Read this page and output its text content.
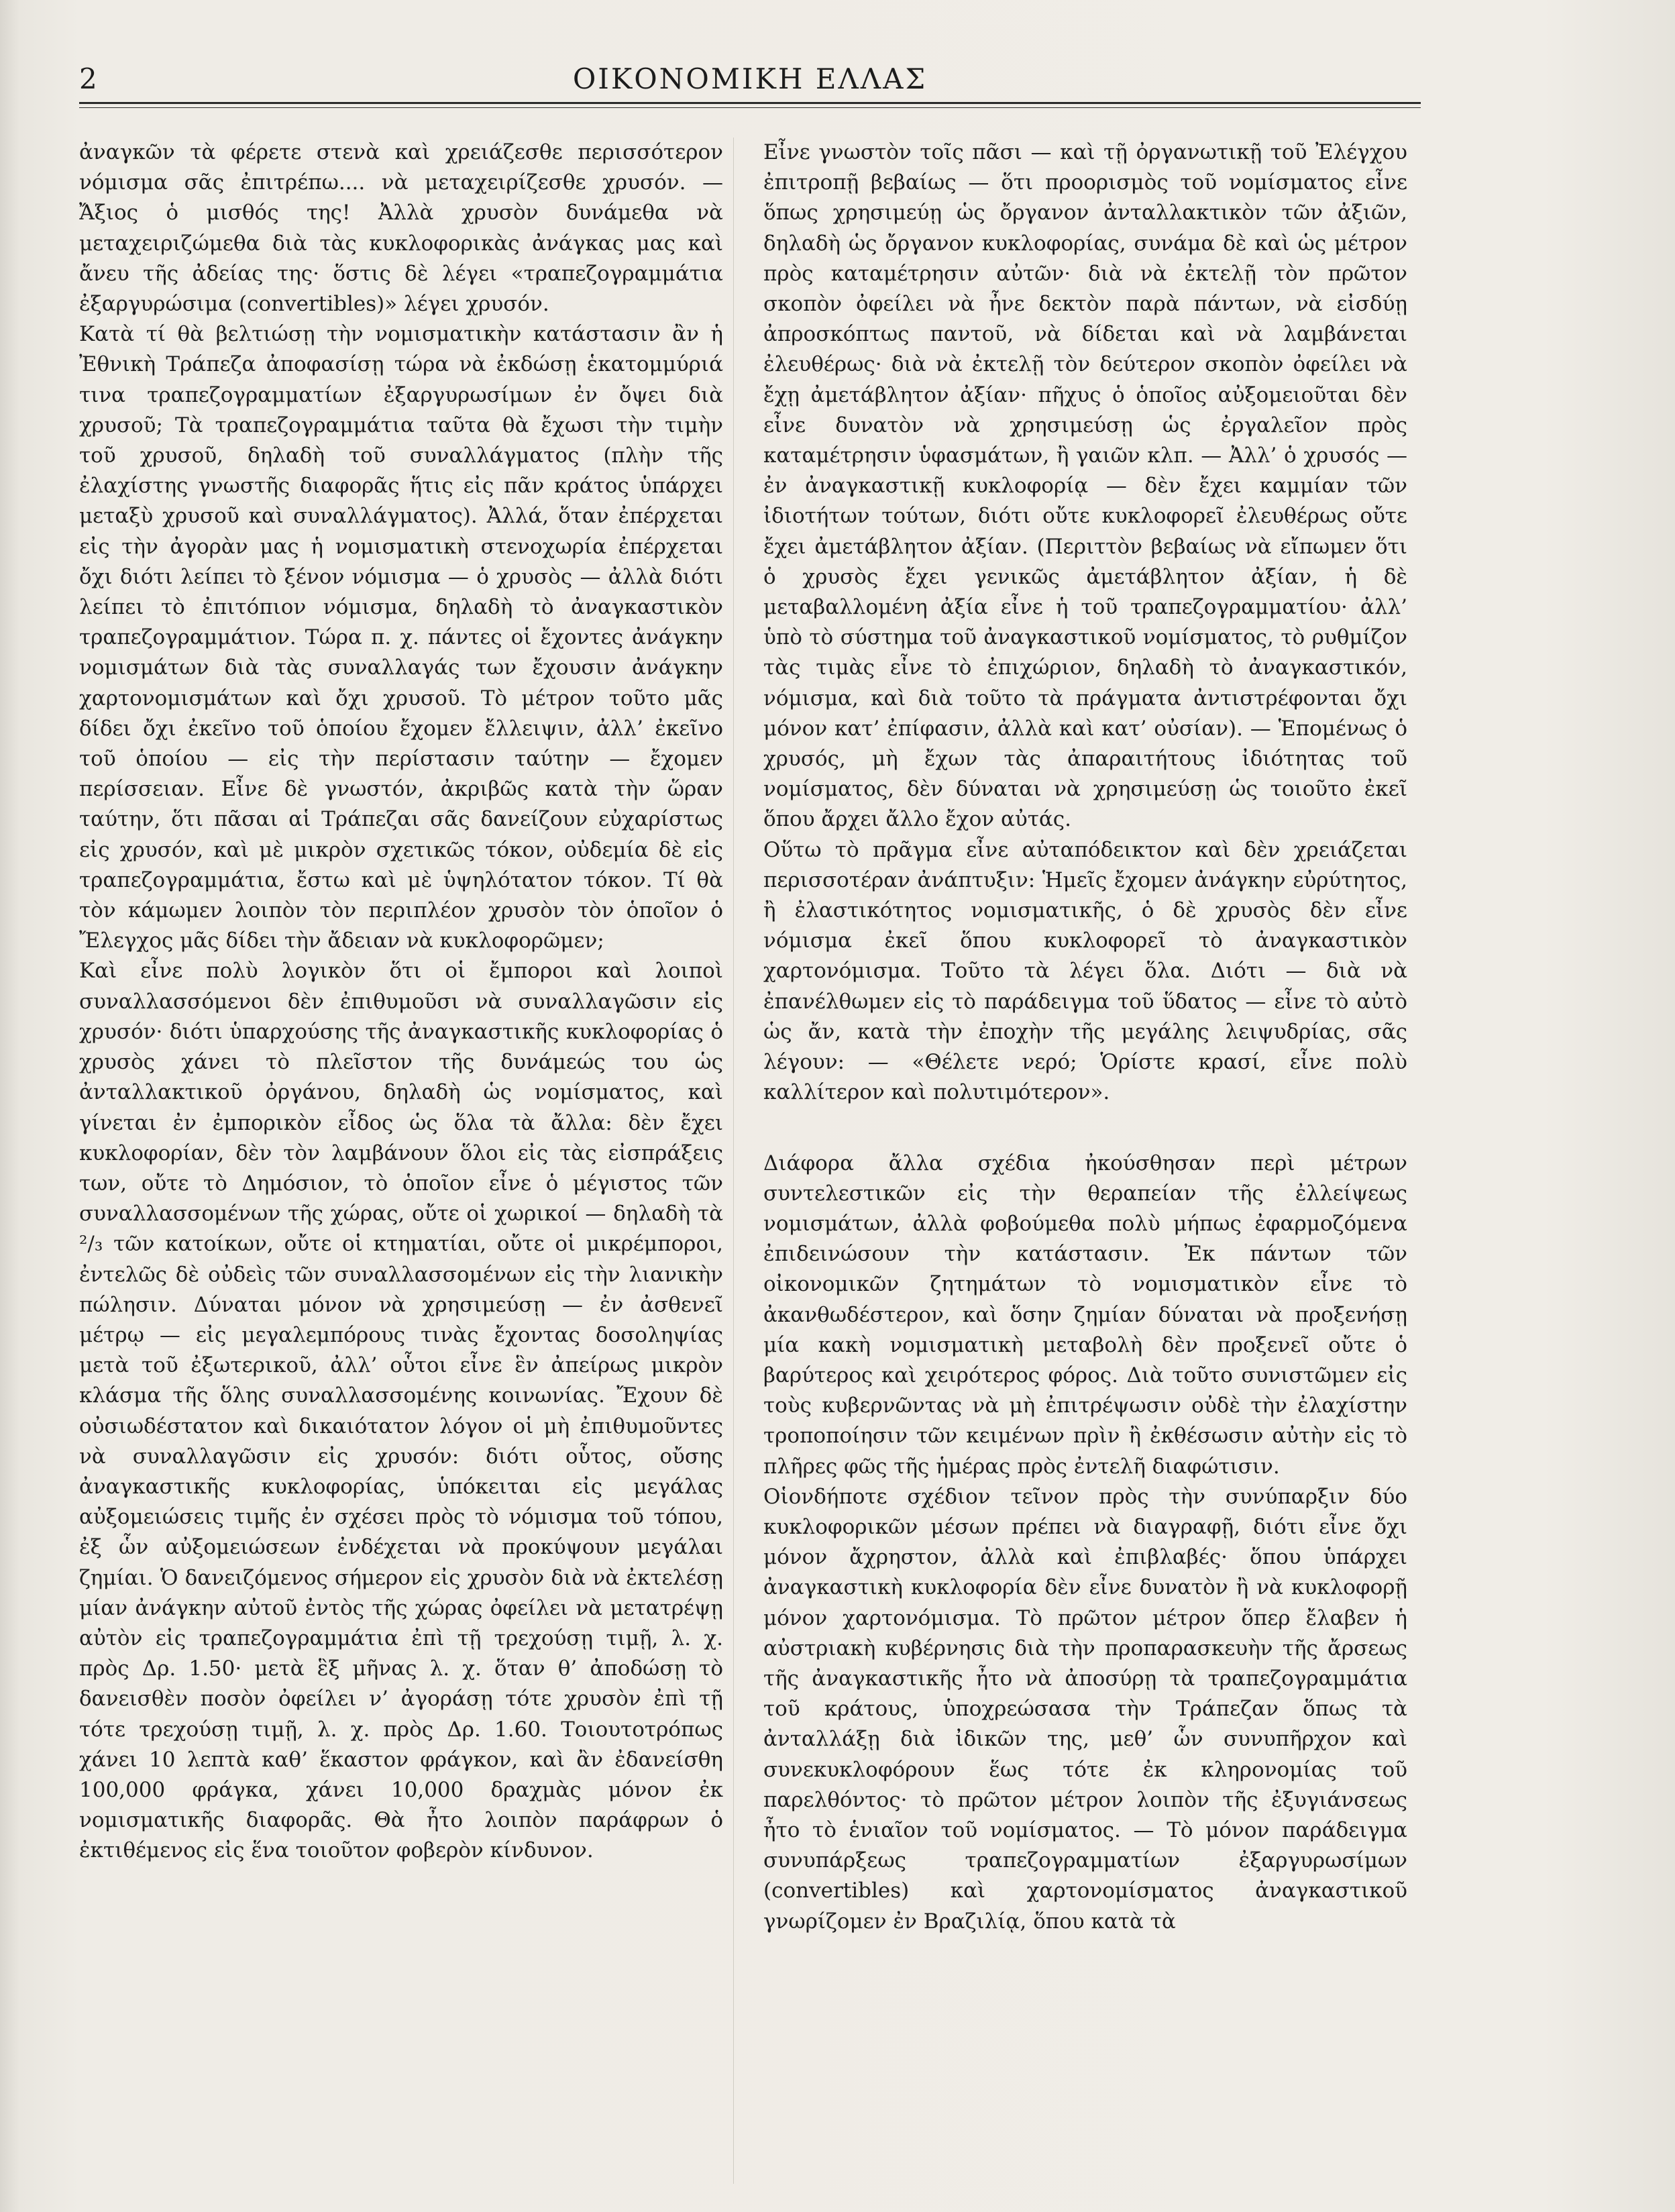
2	ΟΙΚΟΝΟΜΙΚΗ ΕΛΛΑΣ

ἀναγκῶν τὰ φέρετε στενὰ καὶ χρειάζεσθε περισσότερον νόμισμα σᾶς ἐπιτρέπω.... νὰ μεταχειρίζεσθε χρυσόν. — Ἄξιος ὁ μισθός της! Ἀλλὰ χρυσὸν δυνάμεθα νὰ μεταχειριζώμεθα διὰ τὰς κυκλοφορικὰς ἀνάγκας μας καὶ ἄνευ τῆς ἀδείας της· ὅστις δὲ λέγει «τραπεζογραμμάτια ἐξαργυρώσιμα (convertibles)» λέγει χρυσόν.

Κατὰ τί θὰ βελτιώσῃ τὴν νομισματικὴν κατάστασιν ἂν ἡ Ἐθνικὴ Τράπεζα ἀποφασίσῃ τώρα νὰ ἐκδώσῃ ἑκατομμύριά τινα τραπεζογραμματίων ἐξαργυρωσίμων ἐν ὄψει διὰ χρυσοῦ; Τὰ τραπεζογραμμάτια ταῦτα θὰ ἔχωσι τὴν τιμὴν τοῦ χρυσοῦ, δηλαδὴ τοῦ συναλλάγματος (πλὴν τῆς ἐλαχίστης γνωστῆς διαφορᾶς ἥτις εἰς πᾶν κράτος ὑπάρχει μεταξὺ χρυσοῦ καὶ συναλλάγματος). Ἀλλά, ὅταν ἐπέρχεται εἰς τὴν ἀγορὰν μας ἡ νομισματικὴ στενοχωρία ἐπέρχεται ὄχι διότι λείπει τὸ ξένον νόμισμα — ὁ χρυσὸς — ἀλλὰ διότι λείπει τὸ ἐπιτόπιον νόμισμα, δηλαδὴ τὸ ἀναγκαστικὸν τραπεζογραμμάτιον. Τώρα π. χ. πάντες οἱ ἔχοντες ἀνάγκην νομισμάτων διὰ τὰς συναλλαγάς των ἔχουσιν ἀνάγκην χαρτονομισμάτων καὶ ὄχι χρυσοῦ. Τὸ μέτρον τοῦτο μᾶς δίδει ὄχι ἐκεῖνο τοῦ ὁποίου ἔχομεν ἔλλειψιν, ἀλλ’ ἐκεῖνο τοῦ ὁποίου — εἰς τὴν περίστασιν ταύτην — ἔχομεν περίσσειαν. Εἶνε δὲ γνωστόν, ἀκριβῶς κατὰ τὴν ὥραν ταύτην, ὅτι πᾶσαι αἱ Τράπεζαι σᾶς δανείζουν εὐχαρίστως εἰς χρυσόν, καὶ μὲ μικρὸν σχετικῶς τόκον, οὐδεμία δὲ εἰς τραπεζογραμμάτια, ἔστω καὶ μὲ ὑψηλότατον τόκον. Τί θὰ τὸν κάμωμεν λοιπὸν τὸν περιπλέον χρυσὸν τὸν ὁποῖον ὁ Ἔλεγχος μᾶς δίδει τὴν ἄδειαν νὰ κυκλοφορῶμεν;

Καὶ εἶνε πολὺ λογικὸν ὅτι οἱ ἔμποροι καὶ λοιποὶ συναλλασσόμενοι δὲν ἐπιθυμοῦσι νὰ συναλλαγῶσιν εἰς χρυσόν· διότι ὑπαρχούσης τῆς ἀναγκαστικῆς κυκλοφορίας ὁ χρυσὸς χάνει τὸ πλεῖστον τῆς δυνάμεώς του ὡς ἀνταλλακτικοῦ ὀργάνου, δηλαδὴ ὡς νομίσματος, καὶ γίνεται ἐν ἐμπορικὸν εἶδος ὡς ὅλα τὰ ἄλλα: δὲν ἔχει κυκλοφορίαν, δὲν τὸν λαμβάνουν ὅλοι εἰς τὰς εἰσπράξεις των, οὔτε τὸ Δημόσιον, τὸ ὁποῖον εἶνε ὁ μέγιστος τῶν συναλλασσομένων τῆς χώρας, οὔτε οἱ χωρικοί — δηλαδὴ τὰ ²/₃ τῶν κατοίκων, οὔτε οἱ κτηματίαι, οὔτε οἱ μικρέμποροι, ἐντελῶς δὲ οὐδεὶς τῶν συναλλασσομένων εἰς τὴν λιανικὴν πώλησιν. Δύναται μόνον νὰ χρησιμεύσῃ — ἐν ἀσθενεῖ μέτρῳ — εἰς μεγαλεμπόρους τινὰς ἔχοντας δοσοληψίας μετὰ τοῦ ἐξωτερικοῦ, ἀλλ’ οὗτοι εἶνε ἓν ἀπείρως μικρὸν κλάσμα τῆς ὅλης συναλλασσομένης κοινωνίας. Ἔχουν δὲ οὐσιωδέστατον καὶ δικαιότατον λόγον οἱ μὴ ἐπιθυμοῦντες νὰ συναλλαγῶσιν εἰς χρυσόν: διότι οὗτος, οὔσης ἀναγκαστικῆς κυκλοφορίας, ὑπόκειται εἰς μεγάλας αὐξομειώσεις τιμῆς ἐν σχέσει πρὸς τὸ νόμισμα τοῦ τόπου, ἐξ ὧν αὐξομειώσεων ἐνδέχεται νὰ προκύψουν μεγάλαι ζημίαι. Ὁ δανειζόμενος σήμερον εἰς χρυσὸν διὰ νὰ ἐκτελέσῃ μίαν ἀνάγκην αὐτοῦ ἐντὸς τῆς χώρας ὀφείλει νὰ μετατρέψῃ αὐτὸν εἰς τραπεζογραμμάτια ἐπὶ τῇ τρεχούσῃ τιμῇ, λ. χ. πρὸς Δρ. 1.50· μετὰ ἓξ μῆνας λ. χ. ὅταν θ’ ἀποδώσῃ τὸ δανεισθὲν ποσὸν ὀφείλει ν’ ἀγοράσῃ τότε χρυσὸν ἐπὶ τῇ τότε τρεχούσῃ τιμῇ, λ. χ. πρὸς Δρ. 1.60. Τοιουτοτρόπως χάνει 10 λεπτὰ καθ’ ἕκαστον φράγκον, καὶ ἂν ἐδανείσθη 100,000 φράγκα, χάνει 10,000 δραχμὰς μόνον ἐκ νομισματικῆς διαφορᾶς. Θὰ ἦτο λοιπὸν παράφρων ὁ ἐκτιθέμενος εἰς ἕνα τοιοῦτον φοβερὸν κίνδυνον.

Εἶνε γνωστὸν τοῖς πᾶσι — καὶ τῇ ὀργανωτικῇ τοῦ Ἐλέγχου ἐπιτροπῇ βεβαίως — ὅτι προορισμὸς τοῦ νομίσματος εἶνε ὅπως χρησιμεύῃ ὡς ὄργανον ἀνταλλακτικὸν τῶν ἀξιῶν, δηλαδὴ ὡς ὄργανον κυκλοφορίας, συνάμα δὲ καὶ ὡς μέτρον πρὸς καταμέτρησιν αὐτῶν· διὰ νὰ ἐκτελῇ τὸν πρῶτον σκοπὸν ὀφείλει νὰ ἦνε δεκτὸν παρὰ πάντων, νὰ εἰσδύῃ ἀπροσκόπτως παντοῦ, νὰ δίδεται καὶ νὰ λαμβάνεται ἐλευθέρως· διὰ νὰ ἐκτελῇ τὸν δεύτερον σκοπὸν ὀφείλει νὰ ἔχῃ ἀμετάβλητον ἀξίαν· πῆχυς ὁ ὁποῖος αὐξομειοῦται δὲν εἶνε δυνατὸν νὰ χρησιμεύσῃ ὡς ἐργαλεῖον πρὸς καταμέτρησιν ὑφασμάτων, ἢ γαιῶν κλπ. — Ἀλλ’ ὁ χρυσός — ἐν ἀναγκαστικῇ κυκλοφορίᾳ — δὲν ἔχει καμμίαν τῶν ἰδιοτήτων τούτων, διότι οὔτε κυκλοφορεῖ ἐλευθέρως οὔτε ἔχει ἀμετάβλητον ἀξίαν. (Περιττὸν βεβαίως νὰ εἴπωμεν ὅτι ὁ χρυσὸς ἔχει γενικῶς ἀμετάβλητον ἀξίαν, ἡ δὲ μεταβαλλομένη ἀξία εἶνε ἡ τοῦ τραπεζογραμματίου· ἀλλ’ ὑπὸ τὸ σύστημα τοῦ ἀναγκαστικοῦ νομίσματος, τὸ ρυθμίζον τὰς τιμὰς εἶνε τὸ ἐπιχώριον, δηλαδὴ τὸ ἀναγκαστικόν, νόμισμα, καὶ διὰ τοῦτο τὰ πράγματα ἀντιστρέφονται ὄχι μόνον κατ’ ἐπίφασιν, ἀλλὰ καὶ κατ’ οὐσίαν). — Ἑπομένως ὁ χρυσός, μὴ ἔχων τὰς ἀπαραιτήτους ἰδιότητας τοῦ νομίσματος, δὲν δύναται νὰ χρησιμεύσῃ ὡς τοιοῦτο ἐκεῖ ὅπου ἄρχει ἄλλο ἔχον αὐτάς.

Οὕτω τὸ πρᾶγμα εἶνε αὐταπόδεικτον καὶ δὲν χρειάζεται περισσοτέραν ἀνάπτυξιν: Ἡμεῖς ἔχομεν ἀνάγκην εὐρύτητος, ἢ ἐλαστικότητος νομισματικῆς, ὁ δὲ χρυσὸς δὲν εἶνε νόμισμα ἐκεῖ ὅπου κυκλοφορεῖ τὸ ἀναγκαστικὸν χαρτονόμισμα. Τοῦτο τὰ λέγει ὅλα. Διότι — διὰ νὰ ἐπανέλθωμεν εἰς τὸ παράδειγμα τοῦ ὕδατος — εἶνε τὸ αὐτὸ ὡς ἄν, κατὰ τὴν ἐποχὴν τῆς μεγάλης λειψυδρίας, σᾶς λέγουν: — «Θέλετε νερό; Ὁρίστε κρασί, εἶνε πολὺ καλλίτερον καὶ πολυτιμότερον».

Διάφορα ἄλλα σχέδια ἠκούσθησαν περὶ μέτρων συντελεστικῶν εἰς τὴν θεραπείαν τῆς ἐλλείψεως νομισμάτων, ἀλλὰ φοβούμεθα πολὺ μήπως ἐφαρμοζόμενα ἐπιδεινώσουν τὴν κατάστασιν. Ἐκ πάντων τῶν οἰκονομικῶν ζητημάτων τὸ νομισματικὸν εἶνε τὸ ἀκανθωδέστερον, καὶ ὅσην ζημίαν δύναται νὰ προξενήσῃ μία κακὴ νομισματικὴ μεταβολὴ δὲν προξενεῖ οὔτε ὁ βαρύτερος καὶ χειρότερος φόρος. Διὰ τοῦτο συνιστῶμεν εἰς τοὺς κυβερνῶντας νὰ μὴ ἐπιτρέψωσιν οὐδὲ τὴν ἐλαχίστην τροποποίησιν τῶν κειμένων πρὶν ἢ ἐκθέσωσιν αὐτὴν εἰς τὸ πλῆρες φῶς τῆς ἡμέρας πρὸς ἐντελῆ διαφώτισιν.

Οἱονδήποτε σχέδιον τεῖνον πρὸς τὴν συνύπαρξιν δύο κυκλοφορικῶν μέσων πρέπει νὰ διαγραφῇ, διότι εἶνε ὄχι μόνον ἄχρηστον, ἀλλὰ καὶ ἐπιβλαβές· ὅπου ὑπάρχει ἀναγκαστικὴ κυκλοφορία δὲν εἶνε δυνατὸν ἢ νὰ κυκλοφορῇ μόνον χαρτονόμισμα. Τὸ πρῶτον μέτρον ὅπερ ἔλαβεν ἡ αὐστριακὴ κυβέρνησις διὰ τὴν προπαρασκευὴν τῆς ἄρσεως τῆς ἀναγκαστικῆς ἦτο νὰ ἀποσύρῃ τὰ τραπεζογραμμάτια τοῦ κράτους, ὑποχρεώσασα τὴν Τράπεζαν ὅπως τὰ ἀνταλλάξῃ διὰ ἰδικῶν της, μεθ’ ὧν συνυπῆρχον καὶ συνεκυκλοφόρουν ἕως τότε ἐκ κληρονομίας τοῦ παρελθόντος· τὸ πρῶτον μέτρον λοιπὸν τῆς ἐξυγιάνσεως ἦτο τὸ ἑνιαῖον τοῦ νομίσματος. — Τὸ μόνον παράδειγμα συνυπάρξεως τραπεζογραμματίων ἐξαργυρωσίμων (convertibles) καὶ χαρτονομίσματος ἀναγκαστικοῦ γνωρίζομεν ἐν Βραζιλίᾳ, ὅπου κατὰ τὰ
